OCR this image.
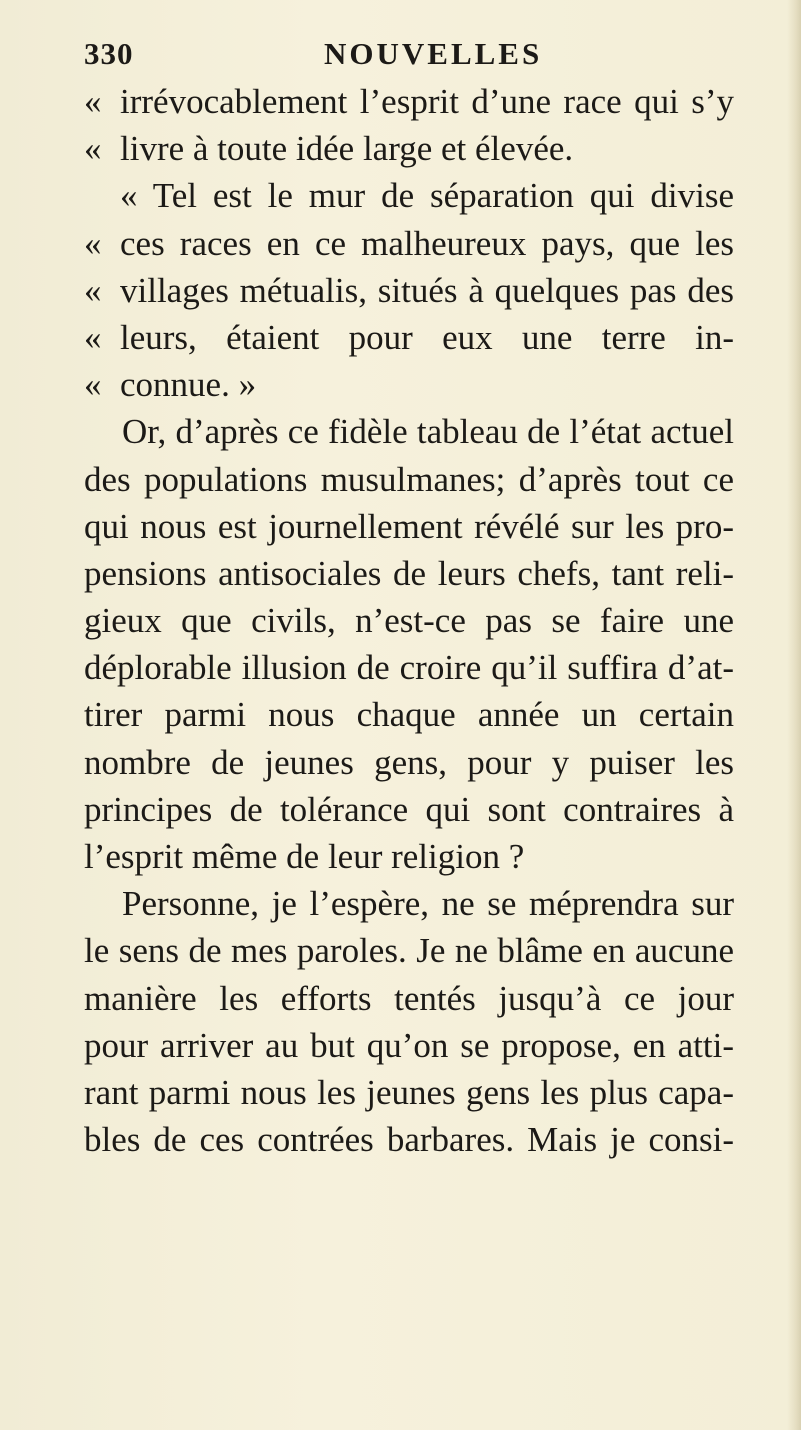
330	NOUVELLES
« irrévocablement l’esprit d’une race qui s’y
« livre à toute idée large et élevée.
« Tel est le mur de séparation qui divise
« ces races en ce malheureux pays, que les
« villages métualis, situés à quelques pas des
« leurs, étaient pour eux une terre in-
« connue. »
Or, d’après ce fidèle tableau de l’état actuel
des populations musulmanes; d’après tout ce
qui nous est journellement révélé sur les pro-
pensions antisociales de leurs chefs, tant reli-
gieux que civils, n’est-ce pas se faire une
déplorable illusion de croire qu’il suffira d’at-
tirer parmi nous chaque année un certain
nombre de jeunes gens, pour y puiser les
principes de tolérance qui sont contraires à
l’esprit même de leur religion ?
Personne, je l’espère, ne se méprendra sur
le sens de mes paroles. Je ne blâme en aucune
manière les efforts tentés jusqu’à ce jour
pour arriver au but qu’on se propose, en atti-
rant parmi nous les jeunes gens les plus capa-
bles de ces contrées barbares. Mais je consi-
